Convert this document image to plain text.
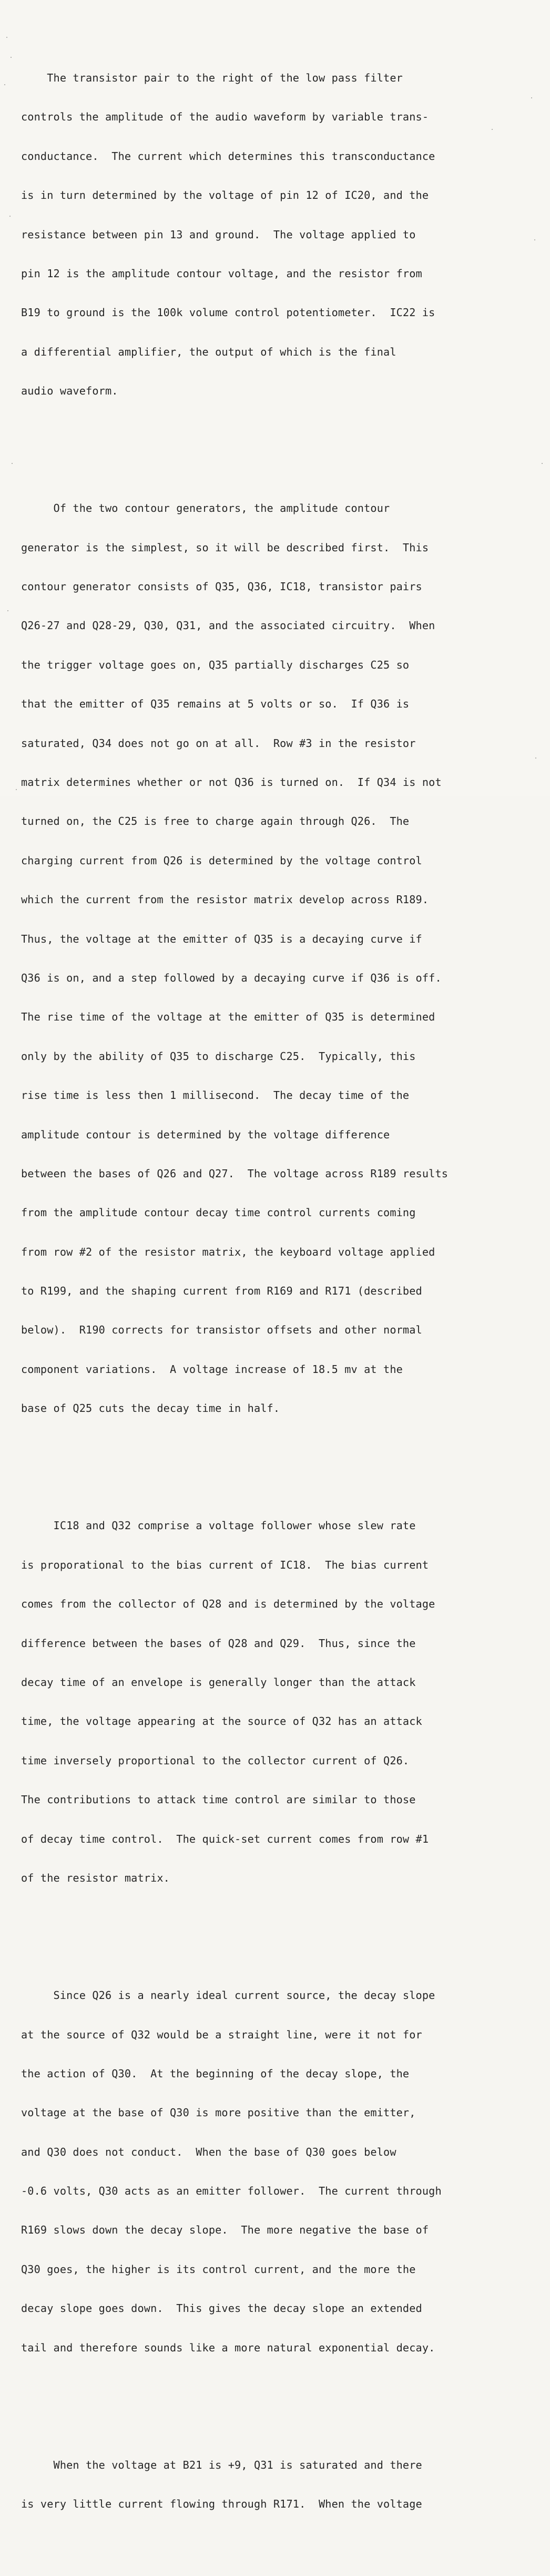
The transistor pair to the right of the low pass filter

controls the amplitude of the audio waveform by variable trans-

conductance.  The current which determines this transconductance

is in turn determined by the voltage of pin 12 of IC20, and the

resistance between pin 13 and ground.  The voltage applied to

pin 12 is the amplitude contour voltage, and the resistor from

B19 to ground is the 100k volume control potentiometer.  IC22 is

a differential amplifier, the output of which is the final

audio waveform.

Of the two contour generators, the amplitude contour

generator is the simplest, so it will be described first.  This

contour generator consists of Q35, Q36, IC18, transistor pairs

Q26-27 and Q28-29, Q30, Q31, and the associated circuitry.  When

the trigger voltage goes on, Q35 partially discharges C25 so

that the emitter of Q35 remains at 5 volts or so.  If Q36 is

saturated, Q34 does not go on at all.  Row #3 in the resistor

matrix determines whether or not Q36 is turned on.  If Q34 is not

turned on, the C25 is free to charge again through Q26.  The

charging current from Q26 is determined by the voltage control

which the current from the resistor matrix develop across R189.

Thus, the voltage at the emitter of Q35 is a decaying curve if

Q36 is on, and a step followed by a decaying curve if Q36 is off.

The rise time of the voltage at the emitter of Q35 is determined

only by the ability of Q35 to discharge C25.  Typically, this

rise time is less then 1 millisecond.  The decay time of the

amplitude contour is determined by the voltage difference

between the bases of Q26 and Q27.  The voltage across R189 results

from the amplitude contour decay time control currents coming

from row #2 of the resistor matrix, the keyboard voltage applied

to R199, and the shaping current from R169 and R171 (described

below).  R190 corrects for transistor offsets and other normal

component variations.  A voltage increase of 18.5 mv at the

base of Q25 cuts the decay time in half.

IC18 and Q32 comprise a voltage follower whose slew rate

is proporational to the bias current of IC18.  The bias current

comes from the collector of Q28 and is determined by the voltage

difference between the bases of Q28 and Q29.  Thus, since the

decay time of an envelope is generally longer than the attack

time, the voltage appearing at the source of Q32 has an attack

time inversely proportional to the collector current of Q26.

The contributions to attack time control are similar to those

of decay time control.  The quick-set current comes from row #1

of the resistor matrix.

Since Q26 is a nearly ideal current source, the decay slope

at the source of Q32 would be a straight line, were it not for

the action of Q30.  At the beginning of the decay slope, the

voltage at the base of Q30 is more positive than the emitter,

and Q30 does not conduct.  When the base of Q30 goes below

-0.6 volts, Q30 acts as an emitter follower.  The current through

R169 slows down the decay slope.  The more negative the base of

Q30 goes, the higher is its control current, and the more the

decay slope goes down.  This gives the decay slope an extended

tail and therefore sounds like a more natural exponential decay.

When the voltage at B21 is +9, Q31 is saturated and there

is very little current flowing through R171.  When the voltage
